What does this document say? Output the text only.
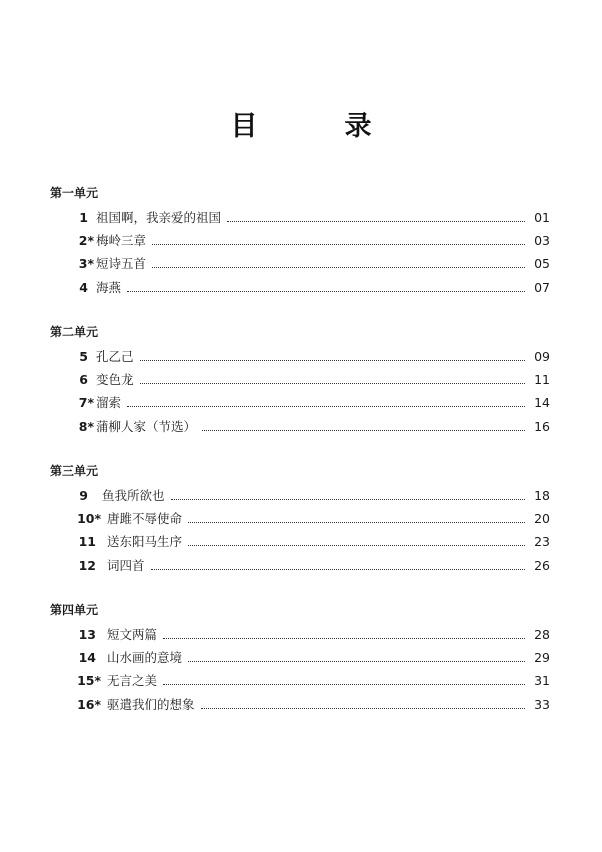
目　录
第一单元
1 祖国啊，我亲爱的祖国	01
2* 梅岭三章	03
3* 短诗五首	05
4 海燕	07
第二单元
5 孔乙己	09
6 变色龙	11
7* 溜索	14
8* 蒲柳人家（节选）	16
第三单元
9 鱼我所欲也	18
10* 唐雎不辱使命	20
11 送东阳马生序	23
12 词四首	26
第四单元
13 短文两篇	28
14 山水画的意境	29
15* 无言之美	31
16* 驱遣我们的想象	33
